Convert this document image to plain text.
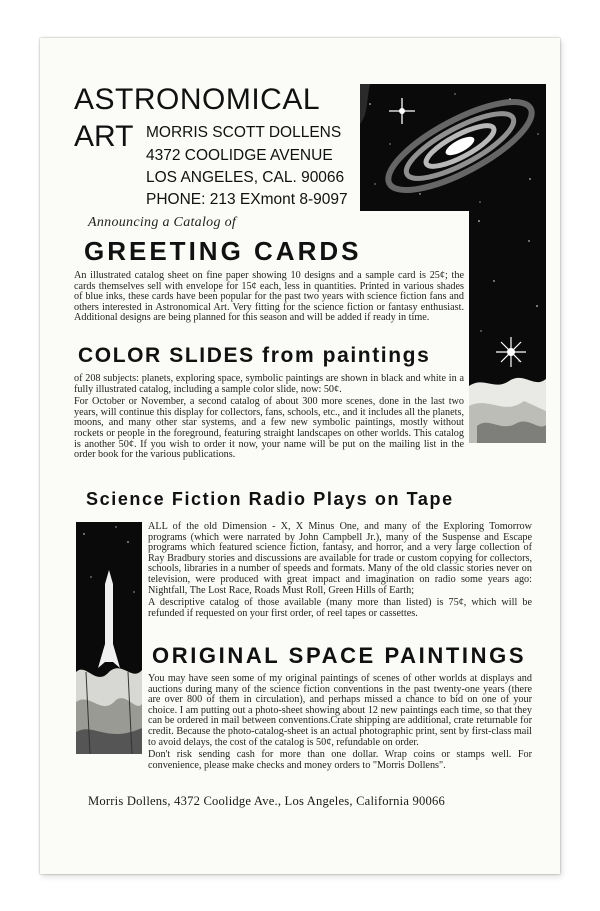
ASTRONOMICAL
ART MORRIS SCOTT DOLLENS
4372 COOLIDGE AVENUE
LOS ANGELES, CAL. 90066
PHONE: 213 EXmont 8-9097
Announcing a Catalog of
GREETING CARDS

An illustrated catalog sheet on fine paper showing 10 designs and a sample card is 25¢; the cards themselves sell with envelope for 15¢ each, less in quantities. Printed in various shades of blue inks, these cards have been popular for the past two years with science fiction fans and others interested in Astronomical Art. Very fitting for the science fiction or fantasy enthusiast. Additional designs are being planned for this season and will be added if ready in time.

COLOR SLIDES from paintings

of 208 subjects: planets, exploring space, symbolic paintings are shown in black and white in a fully illustrated catalog, including a sample color slide, now: 50¢.

For October or November, a second catalog of about 300 more scenes, done in the last two years, will continue this display for collectors, fans, schools, etc., and it includes all the planets, moons, and many other star systems, and a few new symbolic paintings, mostly without rockets or people in the foreground, featuring straight landscapes on other worlds. This catalog is another 50¢. If you wish to order it now, your name will be put on the mailing list in the order book for the various publications.

Science Fiction Radio Plays on Tape

ALL of the old Dimension - X, X Minus One, and many of the Exploring Tomorrow programs (which were narrated by John Campbell Jr.), many of the Suspense and Escape programs which featured science fiction, fantasy, and horror, and a very large collection of Ray Bradbury stories and discussions are available for trade or custom copying for collectors, schools, libraries in a number of speeds and formats. Many of the old classic stories never on television, were produced with great impact and imagination on radio some years ago: Nightfall, The Lost Race, Roads Must Roll, Green Hills of Earth;

A descriptive catalog of those available (many more than listed) is 75¢, which will be refunded if requested on your first order, of reel tapes or cassettes.

ORIGINAL SPACE PAINTINGS

You may have seen some of my original paintings of scenes of other worlds at displays and auctions during many of the science fiction conventions in the past twenty-one years (there are over 800 of them in circulation), and perhaps missed a chance to bid on one of your choice. I am putting out a photo-sheet showing about 12 new paintings each time, so that they can be ordered in mail between conventions.Crate shipping are additional, crate returnable for credit. Because the photo-catalog-sheet is an actual photographic print, sent by first-class mail to avoid delays, the cost of the catalog is 50¢, refundable on order.

Don't risk sending cash for more than one dollar. Wrap coins or stamps well. For convenience, please make checks and money orders to "Morris Dollens".

Morris Dollens, 4372 Coolidge Ave., Los Angeles, California 90066
